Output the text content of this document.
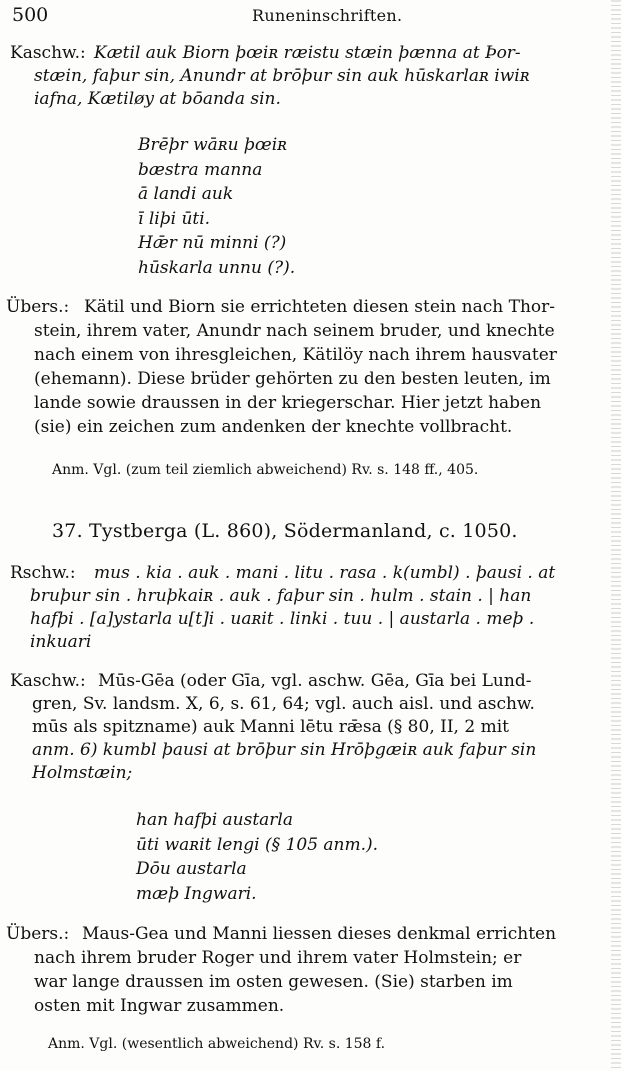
500	Runeninschriften.
Kaschw.: Kætil auk Biorn þœiʀ ræistu stæin þænna at Þor-
stæin, faþur sin, Anundr at brōþur sin auk hūskarlaʀ iwiʀ
iafna, Kætiløy at bōanda sin.
Brēþr wāʀu þœiʀ
bæstra manna
ā landi auk
ī liþi ūti.
Hǣr nū minni (?)
hūskarla unnu (?).
Übers.: Kätil und Biorn sie errichteten diesen stein nach Thor-
stein, ihrem vater, Anundr nach seinem bruder, und knechte
nach einem von ihresgleichen, Kätilöy nach ihrem hausvater
(ehemann). Diese brüder gehörten zu den besten leuten, im
lande sowie draussen in der kriegerschar. Hier jetzt haben
(sie) ein zeichen zum andenken der knechte vollbracht.
Anm. Vgl. (zum teil ziemlich abweichend) Rv. s. 148 ff., 405.
37. Tystberga (L. 860), Södermanland, c. 1050.
Rschw.: mus . kia . auk . mani . litu . rasa . k(umbl) . þausi . at
bruþur sin . hruþkaiʀ . auk . faþur sin . hulm . stain . | han
hafþi . [a]ystarla u[t]i . uaʀit . linki . tuu . | austarla . meþ .
inkuari
Kaschw.: Mūs-Gēa (oder Gīa, vgl. aschw. Gēa, Gīa bei Lund-
gren, Sv. landsm. X, 6, s. 61, 64; vgl. auch aisl. und aschw.
mūs als spitzname) auk Manni lētu rǣsa (§ 80, II, 2 mit
anm. 6) kumbl þausi at brōþur sin Hrōþgæiʀ auk faþur sin
Holmstæin;
han hafþi austarla
ūti waʀit lengi (§ 105 anm.).
Dōu austarla
mæþ Ingwari.
Übers.: Maus-Gea und Manni liessen dieses denkmal errichten
nach ihrem bruder Roger und ihrem vater Holmstein; er
war lange draussen im osten gewesen. (Sie) starben im
osten mit Ingwar zusammen.
Anm. Vgl. (wesentlich abweichend) Rv. s. 158 f.
